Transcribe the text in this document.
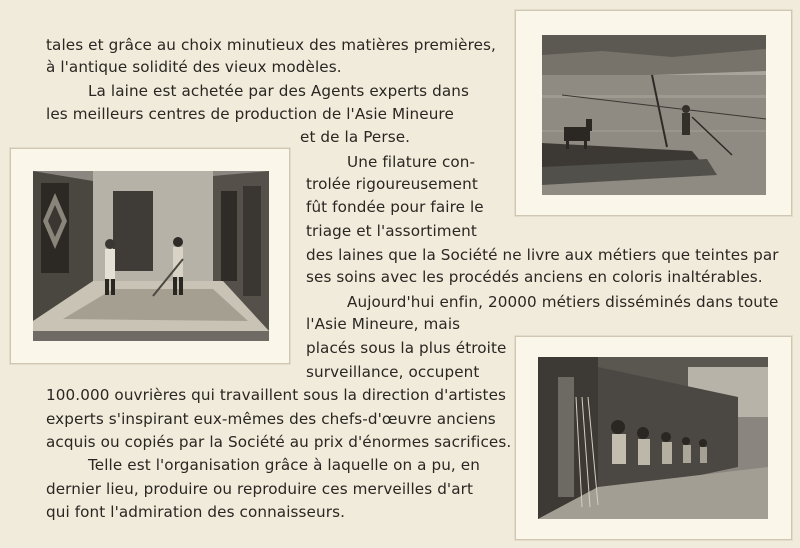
tales et grâce au choix minutieux des matières premières,
à l'antique solidité des vieux modèles.
La laine est achetée par des Agents experts dans
les meilleurs centres de production de l'Asie Mineure
et de la Perse.
Une filature con-
trolée rigoureusement
fût fondée pour faire le
triage et l'assortiment
des laines que la Société ne livre aux métiers que teintes par
ses soins avec les procédés anciens en coloris inaltérables.
Aujourd'hui enfin, 20000 métiers disséminés dans toute
l'Asie Mineure, mais
placés sous la plus étroite
surveillance, occupent
100.000 ouvrières qui travaillent sous la direction d'artistes
experts s'inspirant eux-mêmes des chefs-d'œuvre anciens
acquis ou copiés par la Société au prix d'énormes sacrifices.
Telle est l'organisation grâce à laquelle on a pu, en
dernier lieu, produire ou reproduire ces merveilles d'art
qui font l'admiration des connaisseurs.
